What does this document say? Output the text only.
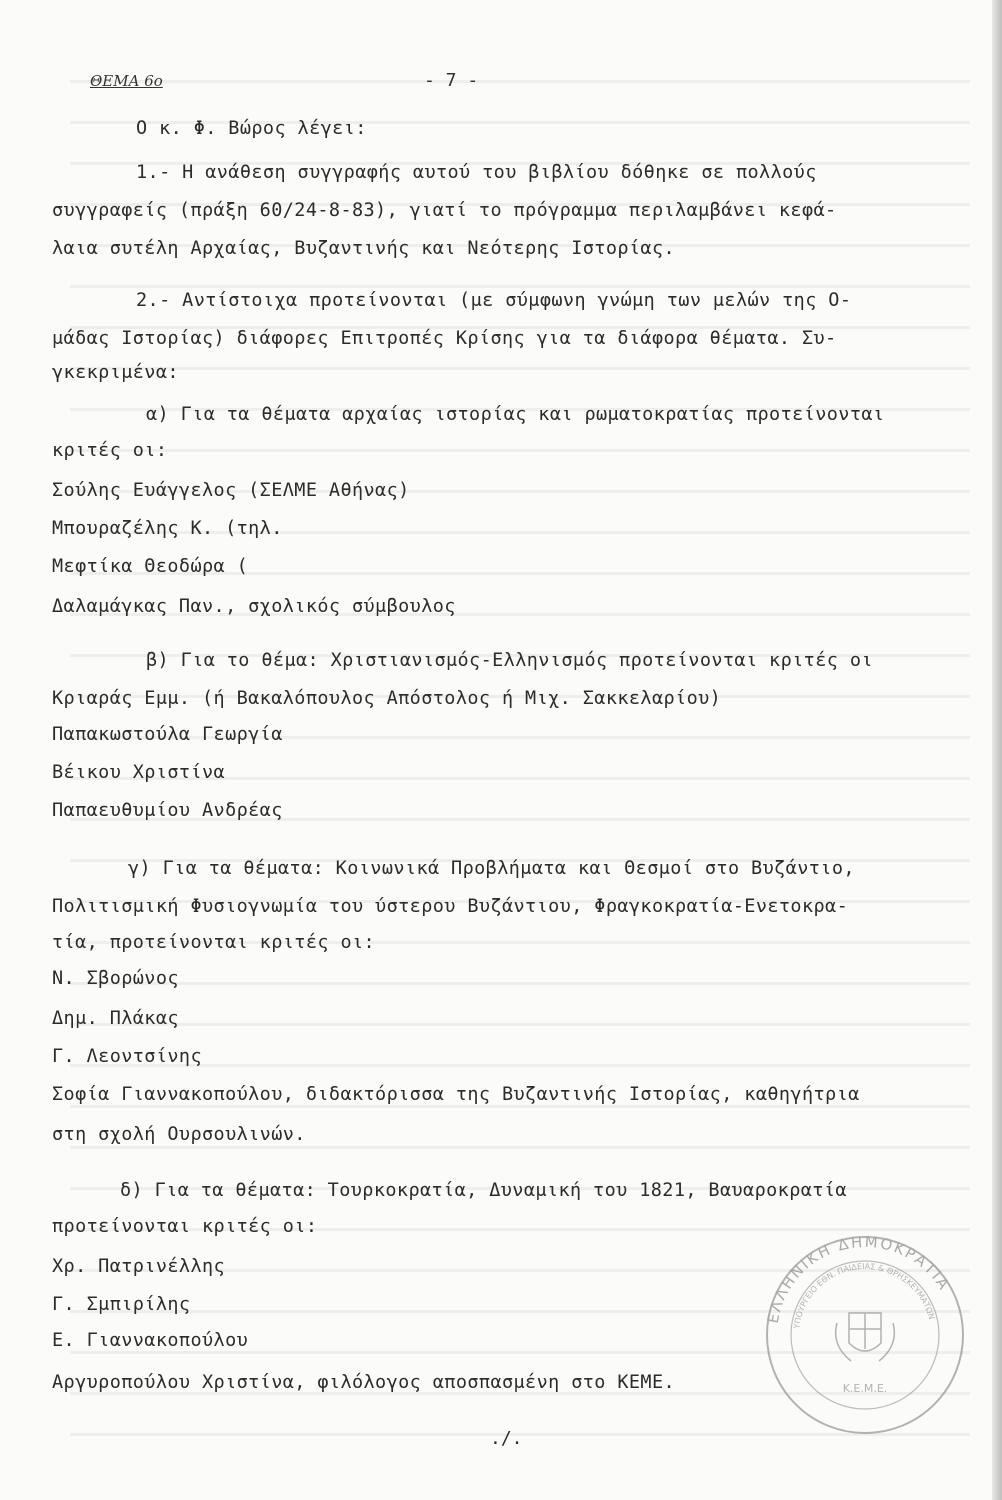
ΘΕΜΑ 6ο	- 7 -
Ο κ. Φ. Βώρος λέγει:
1.- Η ανάθεση συγγραφής αυτού του βιβλίου δόθηκε σε πολλούς
συγγραφείς (πράξη 60/24-8-83), γιατί το πρόγραμμα περιλαμβάνει κεφά-
λαια συτέλη Αρχαίας, Βυζαντινής και Νεότερης Ιστορίας.
2.- Αντίστοιχα προτείνονται (με σύμφωνη γνώμη των μελών της Ο-
μάδας Ιστορίας) διάφορες Επιτροπές Κρίσης για τα διάφορα θέματα. Συ-
γκεκριμένα:
α) Για τα θέματα αρχαίας ιστορίας και ρωματοκρατίας προτείνονται
κριτές οι:
Σούλης Ευάγγελος (ΣΕΛΜΕ Αθήνας)
Μπουραζέλης Κ. (τηλ.
Μεφτίκα Θεοδώρα (
Δαλαμάγκας Παν., σχολικός σύμβουλος
β) Για το θέμα: Χριστιανισμός-Ελληνισμός προτείνονται κριτές οι
Κριαράς Εμμ. (ή Βακαλόπουλος Απόστολος ή Μιχ. Σακκελαρίου)
Παπακωστούλα Γεωργία
Βέικου Χριστίνα
Παπαευθυμίου Ανδρέας
γ) Για τα θέματα: Κοινωνικά Προβλήματα και Θεσμοί στο Βυζάντιο,
Πολιτισμική Φυσιογνωμία του ύστερου Βυζάντιου, Φραγκοκρατία-Ενετοκρα-
τία, προτείνονται κριτές οι:
Ν. Σβορώνος
Δημ. Πλάκας
Γ. Λεοντσίνης
Σοφία Γιαννακοπούλου, διδακτόρισσα της Βυζαντινής Ιστορίας, καθηγήτρια
στη σχολή Ουρσουλινών.
δ) Για τα θέματα: Τουρκοκρατία, Δυναμική του 1821, Βαυαροκρατία
προτείνονται κριτές οι:
Χρ. Πατρινέλλης
Γ. Σμπιρίλης
Ε. Γιαννακοπούλου
Αργυροπούλου Χριστίνα, φιλόλογος αποσπασμένη στο ΚΕΜΕ.
./.
ΕΛΛΗΝΙΚΗ ΔΗΜΟΚΡΑΤΙΑ
ΥΠΟΥΡΓΕΙΟ ΕΘΝ. ΠΑΙΔΕΙΑΣ & ΘΡΗΣΚΕΥΜΑΤΩΝ
Κ.Ε.Μ.Ε.
